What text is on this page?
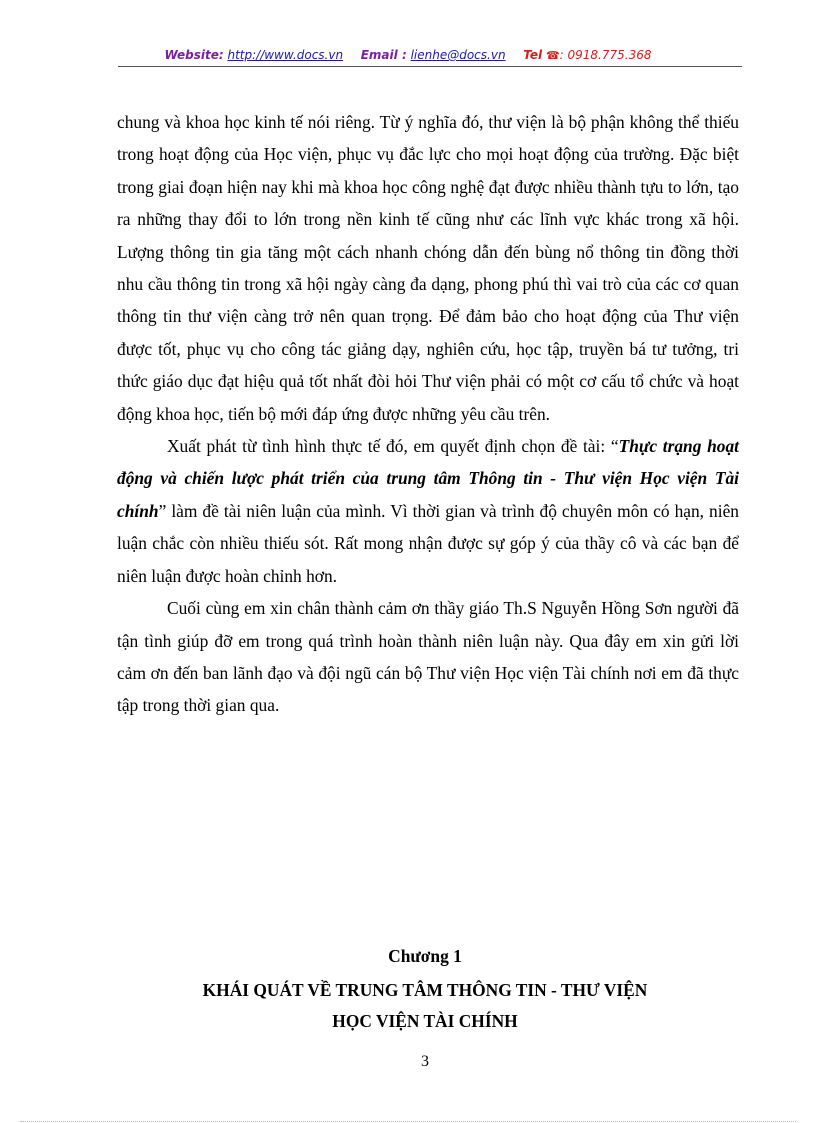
Website: http://www.docs.vn Email : lienhe@docs.vn Tel ☎: 0918.775.368

chung và khoa học kinh tế nói riêng. Từ ý nghĩa đó, thư viện là bộ phận không thể thiếu trong hoạt động của Học viện, phục vụ đắc lực cho mọi hoạt động của trường. Đặc biệt trong giai đoạn hiện nay khi mà khoa học công nghệ đạt được nhiều thành tựu to lớn, tạo ra những thay đổi to lớn trong nền kinh tế cũng như các lĩnh vực khác trong xã hội. Lượng thông tin gia tăng một cách nhanh chóng dẫn đến bùng nổ thông tin đồng thời nhu cầu thông tin trong xã hội ngày càng đa dạng, phong phú thì vai trò của các cơ quan thông tin thư viện càng trở nên quan trọng. Để đảm bảo cho hoạt động của Thư viện được tốt, phục vụ cho công tác giảng dạy, nghiên cứu, học tập, truyền bá tư tưởng, tri thức giáo dục đạt hiệu quả tốt nhất đòi hỏi Thư viện phải có một cơ cấu tổ chức và hoạt động khoa học, tiến bộ mới đáp ứng được những yêu cầu trên.

Xuất phát từ tình hình thực tế đó, em quyết định chọn đề tài: “Thực trạng hoạt động và chiến lược phát triển của trung tâm Thông tin - Thư viện Học viện Tài chính” làm đề tài niên luận của mình. Vì thời gian và trình độ chuyên môn có hạn, niên luận chắc còn nhiều thiếu sót. Rất mong nhận được sự góp ý của thầy cô và các bạn để niên luận được hoàn chỉnh hơn.

Cuối cùng em xin chân thành cảm ơn thầy giáo Th.S Nguyễn Hồng Sơn người đã tận tình giúp đỡ em trong quá trình hoàn thành niên luận này. Qua đây em xin gửi lời cảm ơn đến ban lãnh đạo và đội ngũ cán bộ Thư viện Học viện Tài chính nơi em đã thực tập trong thời gian qua.

Chương 1
KHÁI QUÁT VỀ TRUNG TÂM THÔNG TIN - THƯ VIỆN
HỌC VIỆN TÀI CHÍNH
3
